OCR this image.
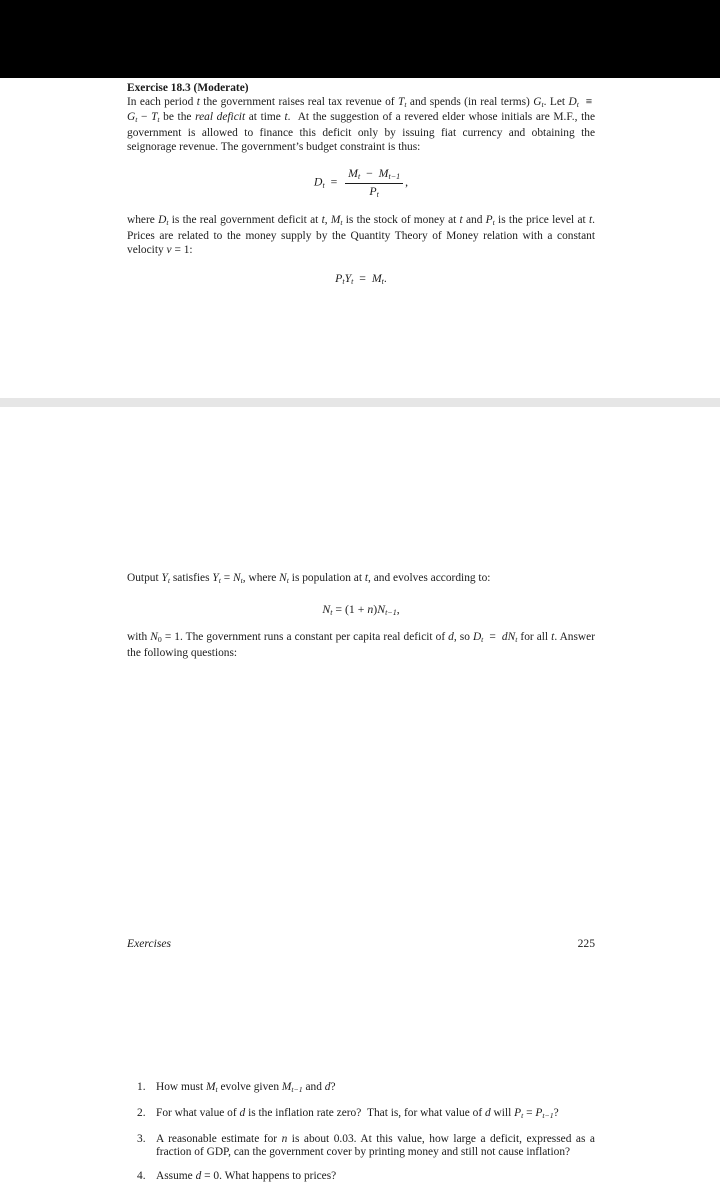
Exercise 18.3 (Moderate)

In each period t the government raises real tax revenue of $T_t$ and spends (in real terms) $G_t$. Let $D_t \equiv G_t - T_t$ be the real deficit at time t.  At the suggestion of a revered elder whose initials are M.F., the government is allowed to finance this deficit only by issuing fiat currency and obtaining the seignorage revenue. The government’s budget constraint is thus:

$D_t = \frac{M_t - M_{t-1}}{P_t}$ ,

where $D_t$ is the real government deficit at t, $M_t$ is the stock of money at t and $P_t$ is the price level at t. Prices are related to the money supply by the Quantity Theory of Money relation with a constant velocity v = 1:

$P_tY_t = M_t$.
Exercises	225

Output $Y_t$ satisfies $Y_t = N_t$, where $N_t$ is population at t, and evolves according to:

$N_t = (1 + n)N_{t-1}$,

with $N_0 = 1$. The government runs a constant per capita real deficit of d, so $D_t = dN_t$ for all t. Answer the following questions:

1. How must $M_t$ evolve given $M_{t-1}$ and d?
2. For what value of d is the inflation rate zero?  That is, for what value of d will $P_t = P_{t-1}$?
3. A reasonable estimate for n is about 0.03. At this value, how large a deficit, expressed as a fraction of GDP, can the government cover by printing money and still not cause inflation?
4. Assume d = 0. What happens to prices?
